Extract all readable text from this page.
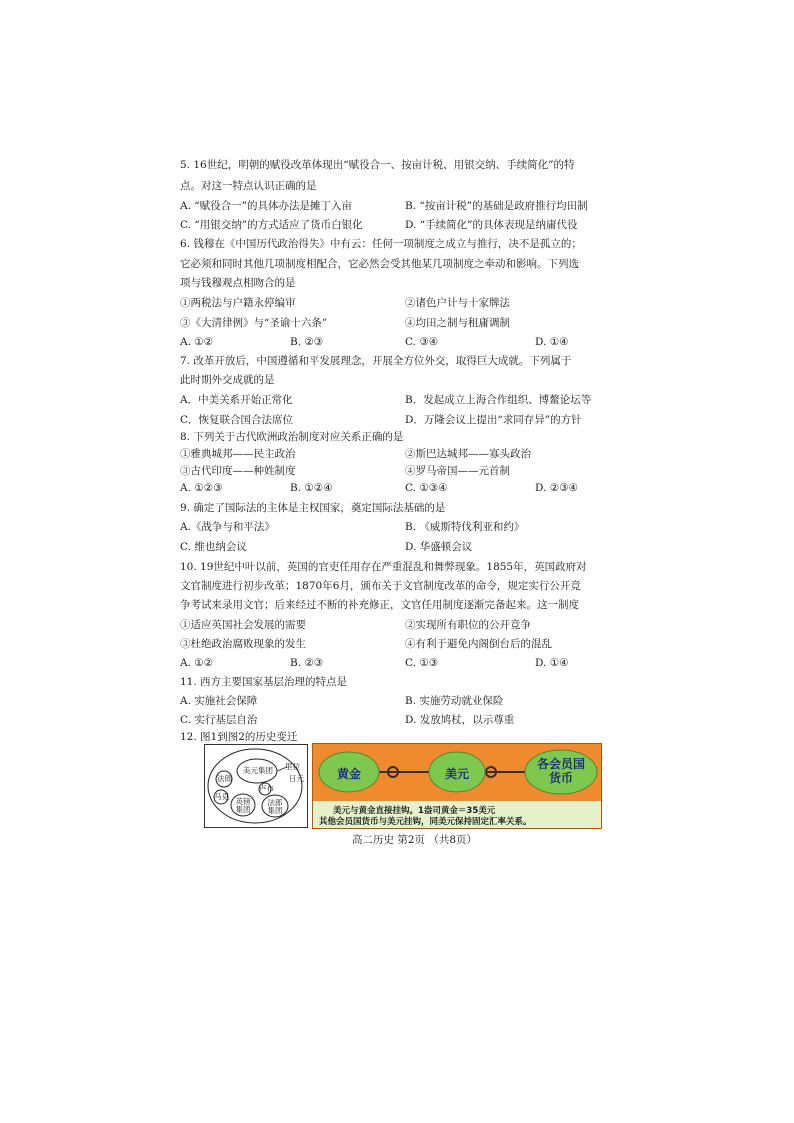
5. 16世纪，明朝的赋役改革体现出“赋役合一、按亩计税、用银交纳、手续简化”的特
点。对这一特点认识正确的是
A. “赋役合一”的具体办法是摊丁入亩	B. “按亩计税”的基础是政府推行均田制
C. “用银交纳”的方式适应了货币白银化	D. “手续简化”的具体表现是纳庸代役
6. 钱穆在《中国历代政治得失》中有云：任何一项制度之成立与推行，决不是孤立的；
它必须和同时其他几项制度相配合，它必然会受其他某几项制度之牵动和影响。下列选
项与钱穆观点相吻合的是
①两税法与户籍永停编审	②诸色户计与十家牌法
③《大清律例》与“圣谕十六条”	④均田之制与租庸调制
A. ①②	B. ②③	C. ③④	D. ①④
7. 改革开放后，中国遵循和平发展理念，开展全方位外交，取得巨大成就。下列属于
此时期外交成就的是
A．中美关系开始正常化	B．发起成立上海合作组织、博鳌论坛等
C．恢复联合国合法席位	D．万隆会议上提出“求同存异”的方针
8. 下列关于古代欧洲政治制度对应关系正确的是
①雅典城邦——民主政治	②斯巴达城邦——寡头政治
③古代印度——种姓制度	④罗马帝国——元首制
A. ①②③	B. ①②④	C. ①③④	D. ②③④
9. 确定了国际法的主体是主权国家，奠定国际法基础的是
A.《战争与和平法》	B. 《威斯特伐利亚和约》
C. 维也纳会议	D. 华盛顿会议
10. 19世纪中叶以前，英国的官吏任用存在严重混乱和舞弊现象。1855年，英国政府对
文官制度进行初步改革；1870年6月，颁布关于文官制度改革的命令，规定实行公开竞
争考试来录用文官；后来经过不断的补充修正，文官任用制度逐渐完备起来。这一制度
①适应英国社会发展的需要	②实现所有职位的公开竞争
③杜绝政治腐败现象的发生	④有利于避免内阁倒台后的混乱
A. ①②	B. ②③	C. ①③	D. ①④
11. 西方主要国家基层治理的特点是
A. 实施社会保障	B. 实施劳动就业保险
C. 实行基层自治	D. 发放鸠杖，以示尊重
12. 图1到图2的历史变迁
美元集团 里拉
日元
法郎
马克
卢布
英镑集团
法郎集团
黄金	美元
各会员国货币
美元与黄金直接挂钩。1盎司黄金＝35美元
其他会员国货币与美元挂钩，同美元保持固定汇率关系。
高二历史 第2页 （共8页）
